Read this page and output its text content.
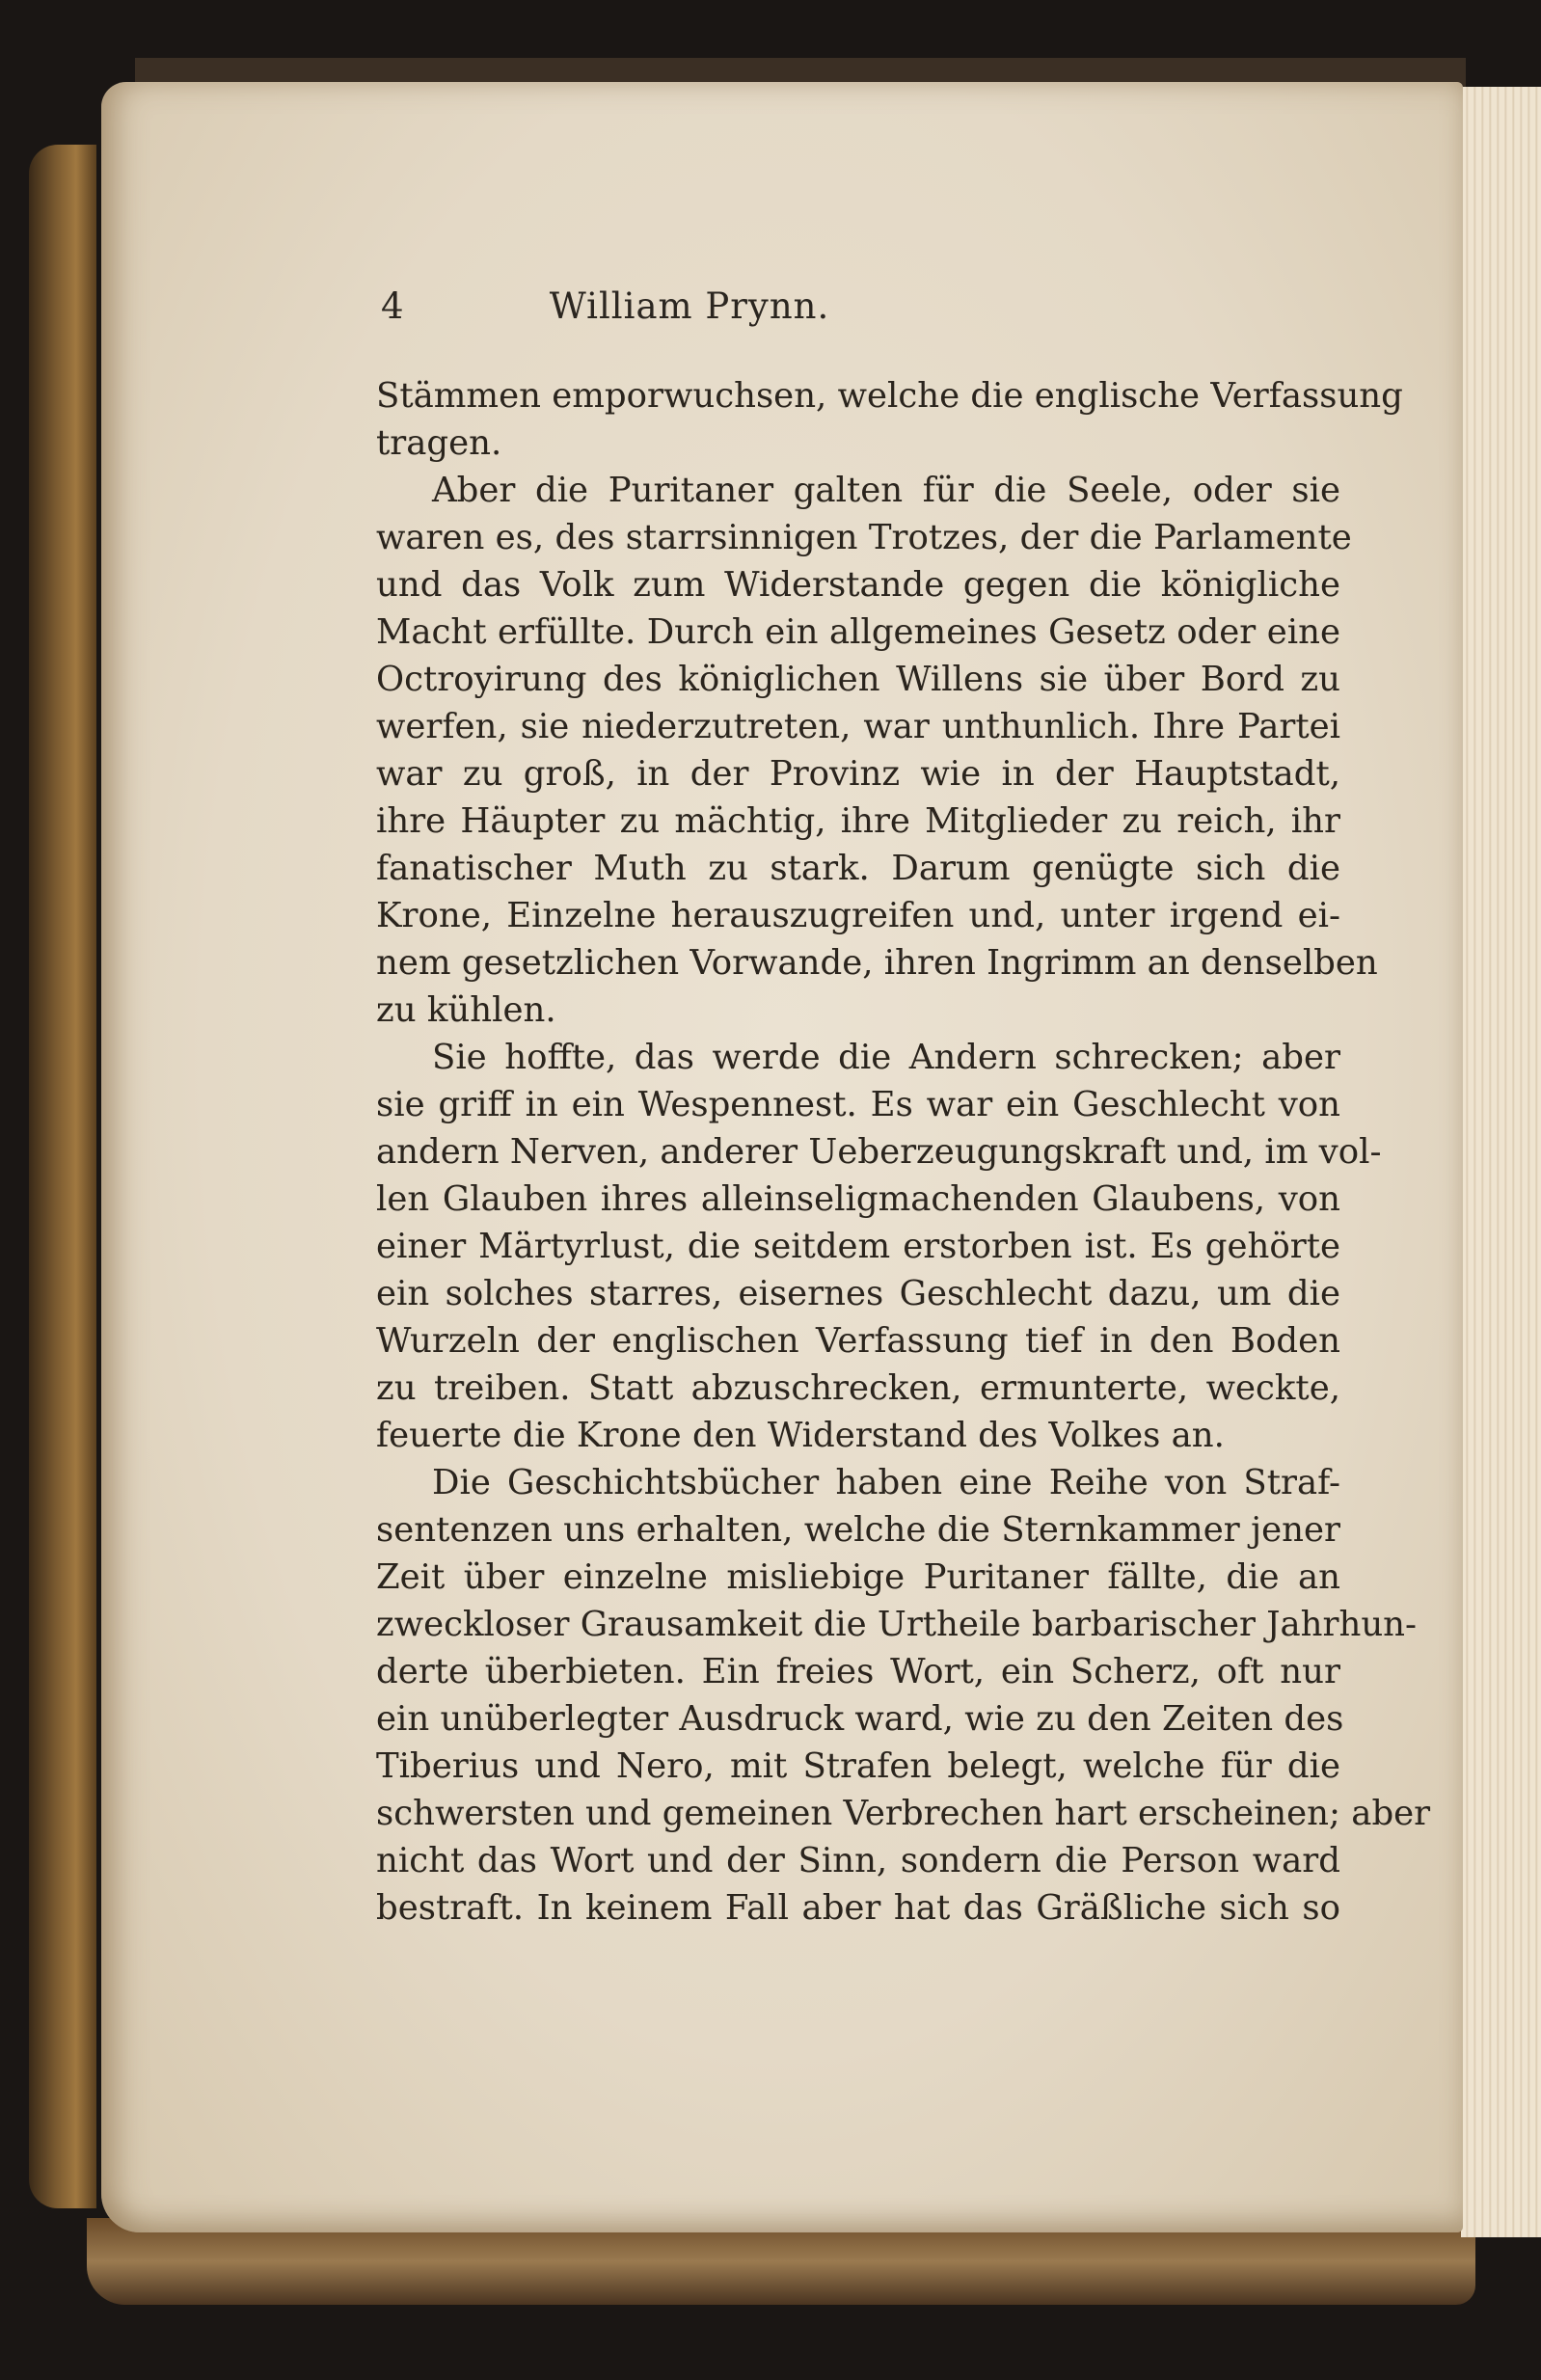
4	William Prynn.
Stämmen emporwuchsen, welche die englische Verfassung
tragen.
Aber die Puritaner galten für die Seele, oder sie
waren es, des starrsinnigen Trotzes, der die Parlamente
und das Volk zum Widerstande gegen die königliche
Macht erfüllte. Durch ein allgemeines Gesetz oder eine
Octroyirung des königlichen Willens sie über Bord zu
werfen, sie niederzutreten, war unthunlich. Ihre Partei
war zu groß, in der Provinz wie in der Hauptstadt,
ihre Häupter zu mächtig, ihre Mitglieder zu reich, ihr
fanatischer Muth zu stark. Darum genügte sich die
Krone, Einzelne herauszugreifen und, unter irgend ei-
nem gesetzlichen Vorwande, ihren Ingrimm an denselben
zu kühlen.
Sie hoffte, das werde die Andern schrecken; aber
sie griff in ein Wespennest. Es war ein Geschlecht von
andern Nerven, anderer Ueberzeugungskraft und, im vol-
len Glauben ihres alleinseligmachenden Glaubens, von
einer Märtyrlust, die seitdem erstorben ist. Es gehörte
ein solches starres, eisernes Geschlecht dazu, um die
Wurzeln der englischen Verfassung tief in den Boden
zu treiben. Statt abzuschrecken, ermunterte, weckte,
feuerte die Krone den Widerstand des Volkes an.
Die Geschichtsbücher haben eine Reihe von Straf-
sentenzen uns erhalten, welche die Sternkammer jener
Zeit über einzelne misliebige Puritaner fällte, die an
zweckloser Grausamkeit die Urtheile barbarischer Jahrhun-
derte überbieten. Ein freies Wort, ein Scherz, oft nur
ein unüberlegter Ausdruck ward, wie zu den Zeiten des
Tiberius und Nero, mit Strafen belegt, welche für die
schwersten und gemeinen Verbrechen hart erscheinen; aber
nicht das Wort und der Sinn, sondern die Person ward
bestraft. In keinem Fall aber hat das Gräßliche sich so
